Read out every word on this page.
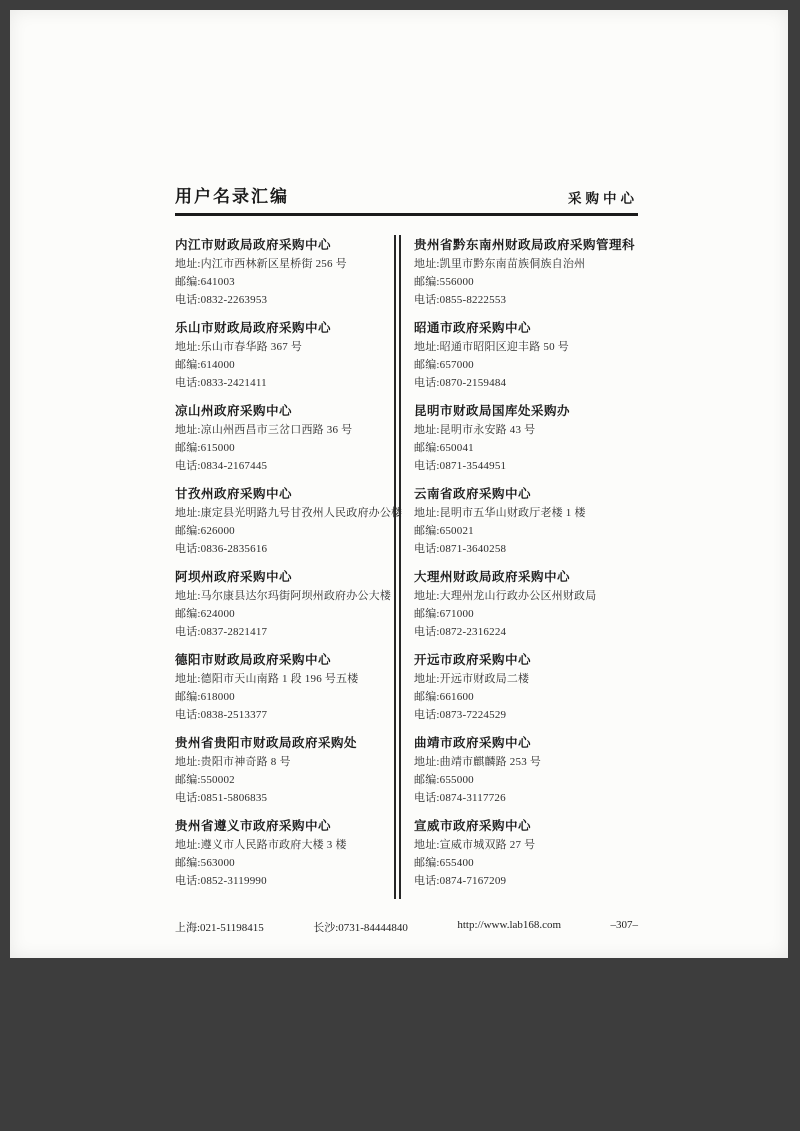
用户名录汇编	采购中心
内江市财政局政府采购中心
地址:内江市西林新区星桥街 256 号
邮编:641003
电话:0832-2263953
乐山市财政局政府采购中心
地址:乐山市春华路 367 号
邮编:614000
电话:0833-2421411
凉山州政府采购中心
地址:凉山州西昌市三岔口西路 36 号
邮编:615000
电话:0834-2167445
甘孜州政府采购中心
地址:康定县光明路九号甘孜州人民政府办公楼
邮编:626000
电话:0836-2835616
阿坝州政府采购中心
地址:马尔康县达尔玛街阿坝州政府办公大楼
邮编:624000
电话:0837-2821417
德阳市财政局政府采购中心
地址:德阳市天山南路 1 段 196 号五楼
邮编:618000
电话:0838-2513377
贵州省贵阳市财政局政府采购处
地址:贵阳市神奇路 8 号
邮编:550002
电话:0851-5806835
贵州省遵义市政府采购中心
地址:遵义市人民路市政府大楼 3 楼
邮编:563000
电话:0852-3119990
贵州省黔东南州财政局政府采购管理科
地址:凯里市黔东南苗族侗族自治州
邮编:556000
电话:0855-8222553
昭通市政府采购中心
地址:昭通市昭阳区迎丰路 50 号
邮编:657000
电话:0870-2159484
昆明市财政局国库处采购办
地址:昆明市永安路 43 号
邮编:650041
电话:0871-3544951
云南省政府采购中心
地址:昆明市五华山财政厅老楼 1 楼
邮编:650021
电话:0871-3640258
大理州财政局政府采购中心
地址:大理州龙山行政办公区州财政局
邮编:671000
电话:0872-2316224
开远市政府采购中心
地址:开远市财政局二楼
邮编:661600
电话:0873-7224529
曲靖市政府采购中心
地址:曲靖市麒麟路 253 号
邮编:655000
电话:0874-3117726
宣威市政府采购中心
地址:宣威市城双路 27 号
邮编:655400
电话:0874-7167209
上海:021-51198415	长沙:0731-84444840	http://www.lab168.com	–307–
